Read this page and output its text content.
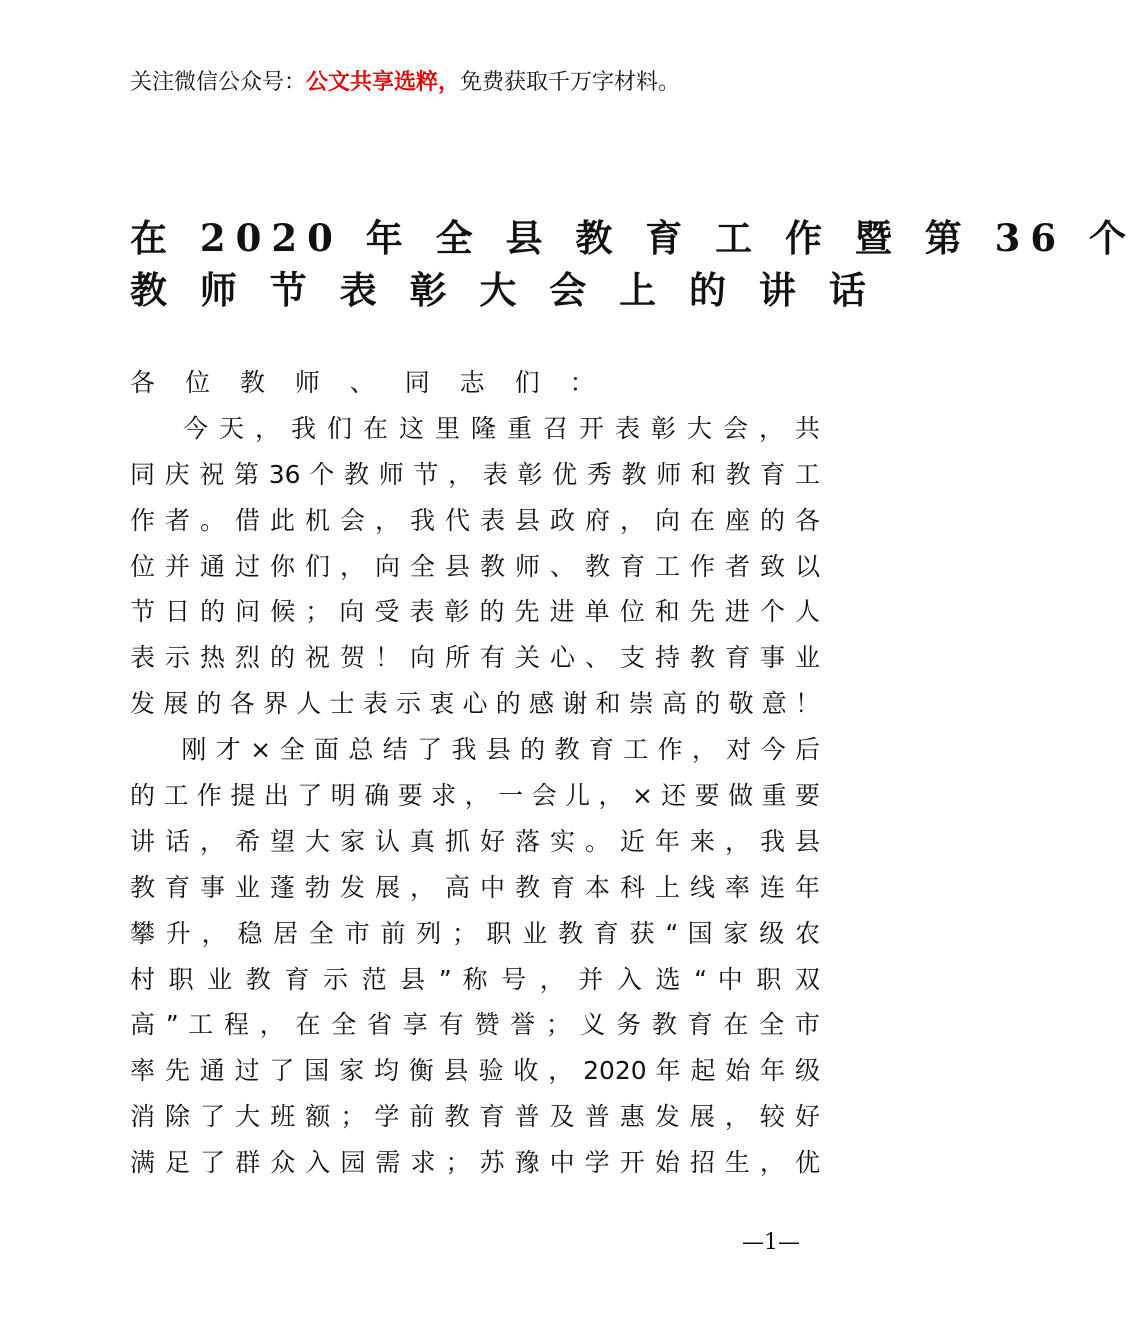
关注微信公众号：公文共享选粹，免费获取千万字材料。
在 2020 年 全 县 教 育 工 作 暨 第 36 个
教 师 节 表 彰 大 会 上 的 讲 话
各 位 教 师 、 同 志 们 ：
　　今 天 ， 我 们 在 这 里 隆 重 召 开 表 彰 大 会 ， 共
同 庆 祝 第 36 个 教 师 节 ， 表 彰 优 秀 教 师 和 教 育 工
作 者 。 借 此 机 会 ， 我 代 表 县 政 府 ， 向 在 座 的 各
位 并 通 过 你 们 ， 向 全 县 教 师 、 教 育 工 作 者 致 以
节 日 的 问 候 ； 向 受 表 彰 的 先 进 单 位 和 先 进 个 人
表 示 热 烈 的 祝 贺 ！ 向 所 有 关 心 、 支 持 教 育 事 业
发 展 的 各 界 人 士 表 示 衷 心 的 感 谢 和 崇 高 的 敬 意 ！
　　刚 才 × 全 面 总 结 了 我 县 的 教 育 工 作 ， 对 今 后
的 工 作 提 出 了 明 确 要 求 ， 一 会 儿 ， × 还 要 做 重 要
讲 话 ， 希 望 大 家 认 真 抓 好 落 实 。 近 年 来 ， 我 县
教 育 事 业 蓬 勃 发 展 ， 高 中 教 育 本 科 上 线 率 连 年
攀 升 ， 稳 居 全 市 前 列 ； 职 业 教 育 获 “ 国 家 级 农
村 职 业 教 育 示 范 县 ” 称 号 ， 并 入 选 “ 中 职 双
高 ” 工 程 ， 在 全 省 享 有 赞 誉 ； 义 务 教 育 在 全 市
率 先 通 过 了 国 家 均 衡 县 验 收 ， 2020 年 起 始 年 级
消 除 了 大 班 额 ； 学 前 教 育 普 及 普 惠 发 展 ， 较 好
满 足 了 群 众 入 园 需 求 ； 苏 豫 中 学 开 始 招 生 ， 优
—1—
